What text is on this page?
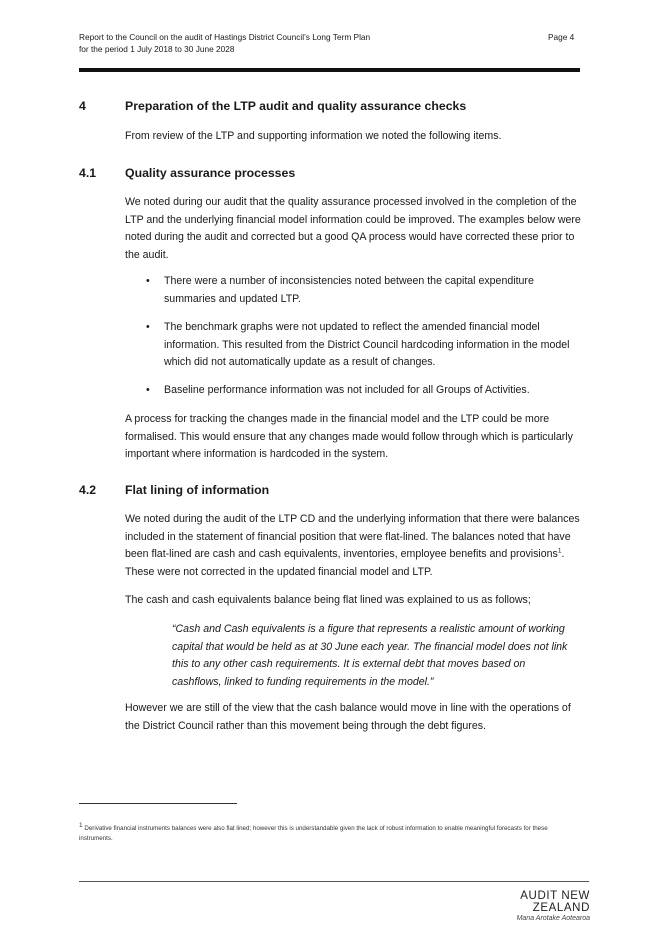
Report to the Council on the audit of Hastings District Council’s Long Term Plan
for the period 1 July 2018 to 30 June 2028
Page 4
4	Preparation of the LTP audit and quality assurance checks
From review of the LTP and supporting information we noted the following items.
4.1 Quality assurance processes
We noted during our audit that the quality assurance processed involved in the completion of the LTP and the underlying financial model information could be improved. The examples below were noted during the audit and corrected but a good QA process would have corrected these prior to the audit.
• There were a number of inconsistencies noted between the capital expenditure summaries and updated LTP.
• The benchmark graphs were not updated to reflect the amended financial model information. This resulted from the District Council hardcoding information in the model which did not automatically update as a result of changes.
• Baseline performance information was not included for all Groups of Activities.
A process for tracking the changes made in the financial model and the LTP could be more formalised. This would ensure that any changes made would follow through which is particularly important where information is hardcoded in the system.
4.2 Flat lining of information
We noted during the audit of the LTP CD and the underlying information that there were balances included in the statement of financial position that were flat-lined. The balances noted that have been flat-lined are cash and cash equivalents, inventories, employee benefits and provisions$^1$. These were not corrected in the updated financial model and LTP.
The cash and cash equivalents balance being flat lined was explained to us as follows;
“Cash and Cash equivalents is a figure that represents a realistic amount of working capital that would be held as at 30 June each year. The financial model does not link this to any other cash requirements. It is external debt that moves based on cashflows, linked to funding requirements in the model.”
However we are still of the view that the cash balance would move in line with the operations of the District Council rather than this movement being through the debt figures.
$^1$ Derivative financial instruments balances were also flat lined; however this is understandable given the lack of robust information to enable meaningful forecasts for these instruments.
AUDIT NEW ZEALAND
Mana Arotake Aotearoa
